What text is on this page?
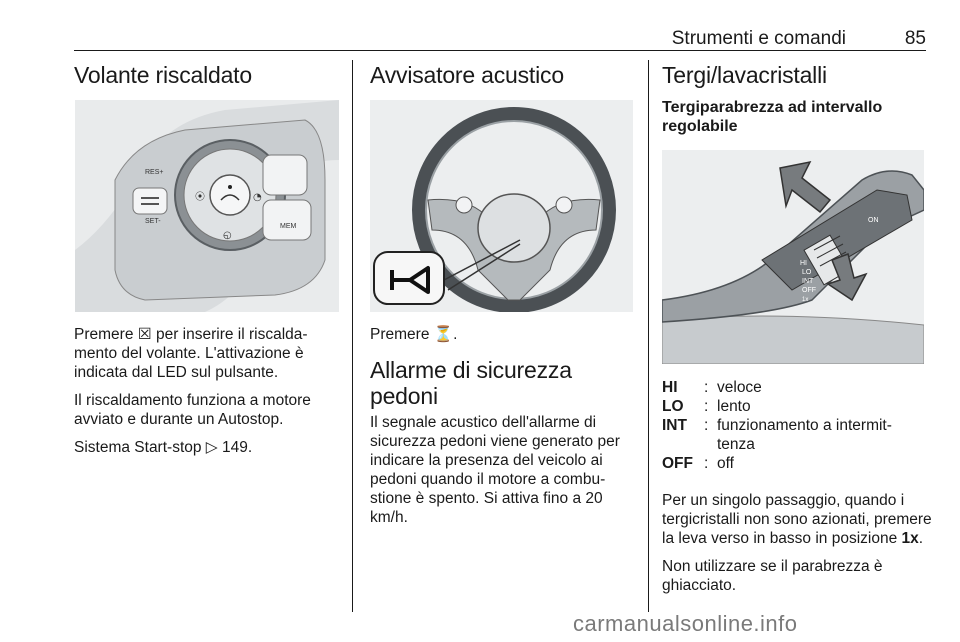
Strumenti e comandi	85
Volante riscaldato
RES+
SET-
⦿	◔
◵
MEM

Premere ☒ per inserire il riscalda-mento del volante. L'attivazione è indicata dal LED sul pulsante.

Il riscaldamento funziona a motore avviato e durante un Autostop.

Sistema Start-stop ▷ 149.

Avvisatore acustico

Premere ⏳.

Allarme di sicurezza pedoni

Il segnale acustico dell'allarme di sicurezza pedoni viene generato per indicare la presenza del veicolo ai pedoni quando il motore a combu-stione è spento. Si attiva fino a 20 km/h.

Tergi/lavacristalli
Tergiparabrezza ad intervallo regolabile
HI
LO
INT
OFF
ON
1x
HI : veloce
LO : lento
INT : funzionamento a intermit-tenza
OFF : off

Per un singolo passaggio, quando i tergicristalli non sono azionati, premere la leva verso in basso in posizione 1x.

Non utilizzare se il parabrezza è ghiacciato.

carmanualsonline.info
